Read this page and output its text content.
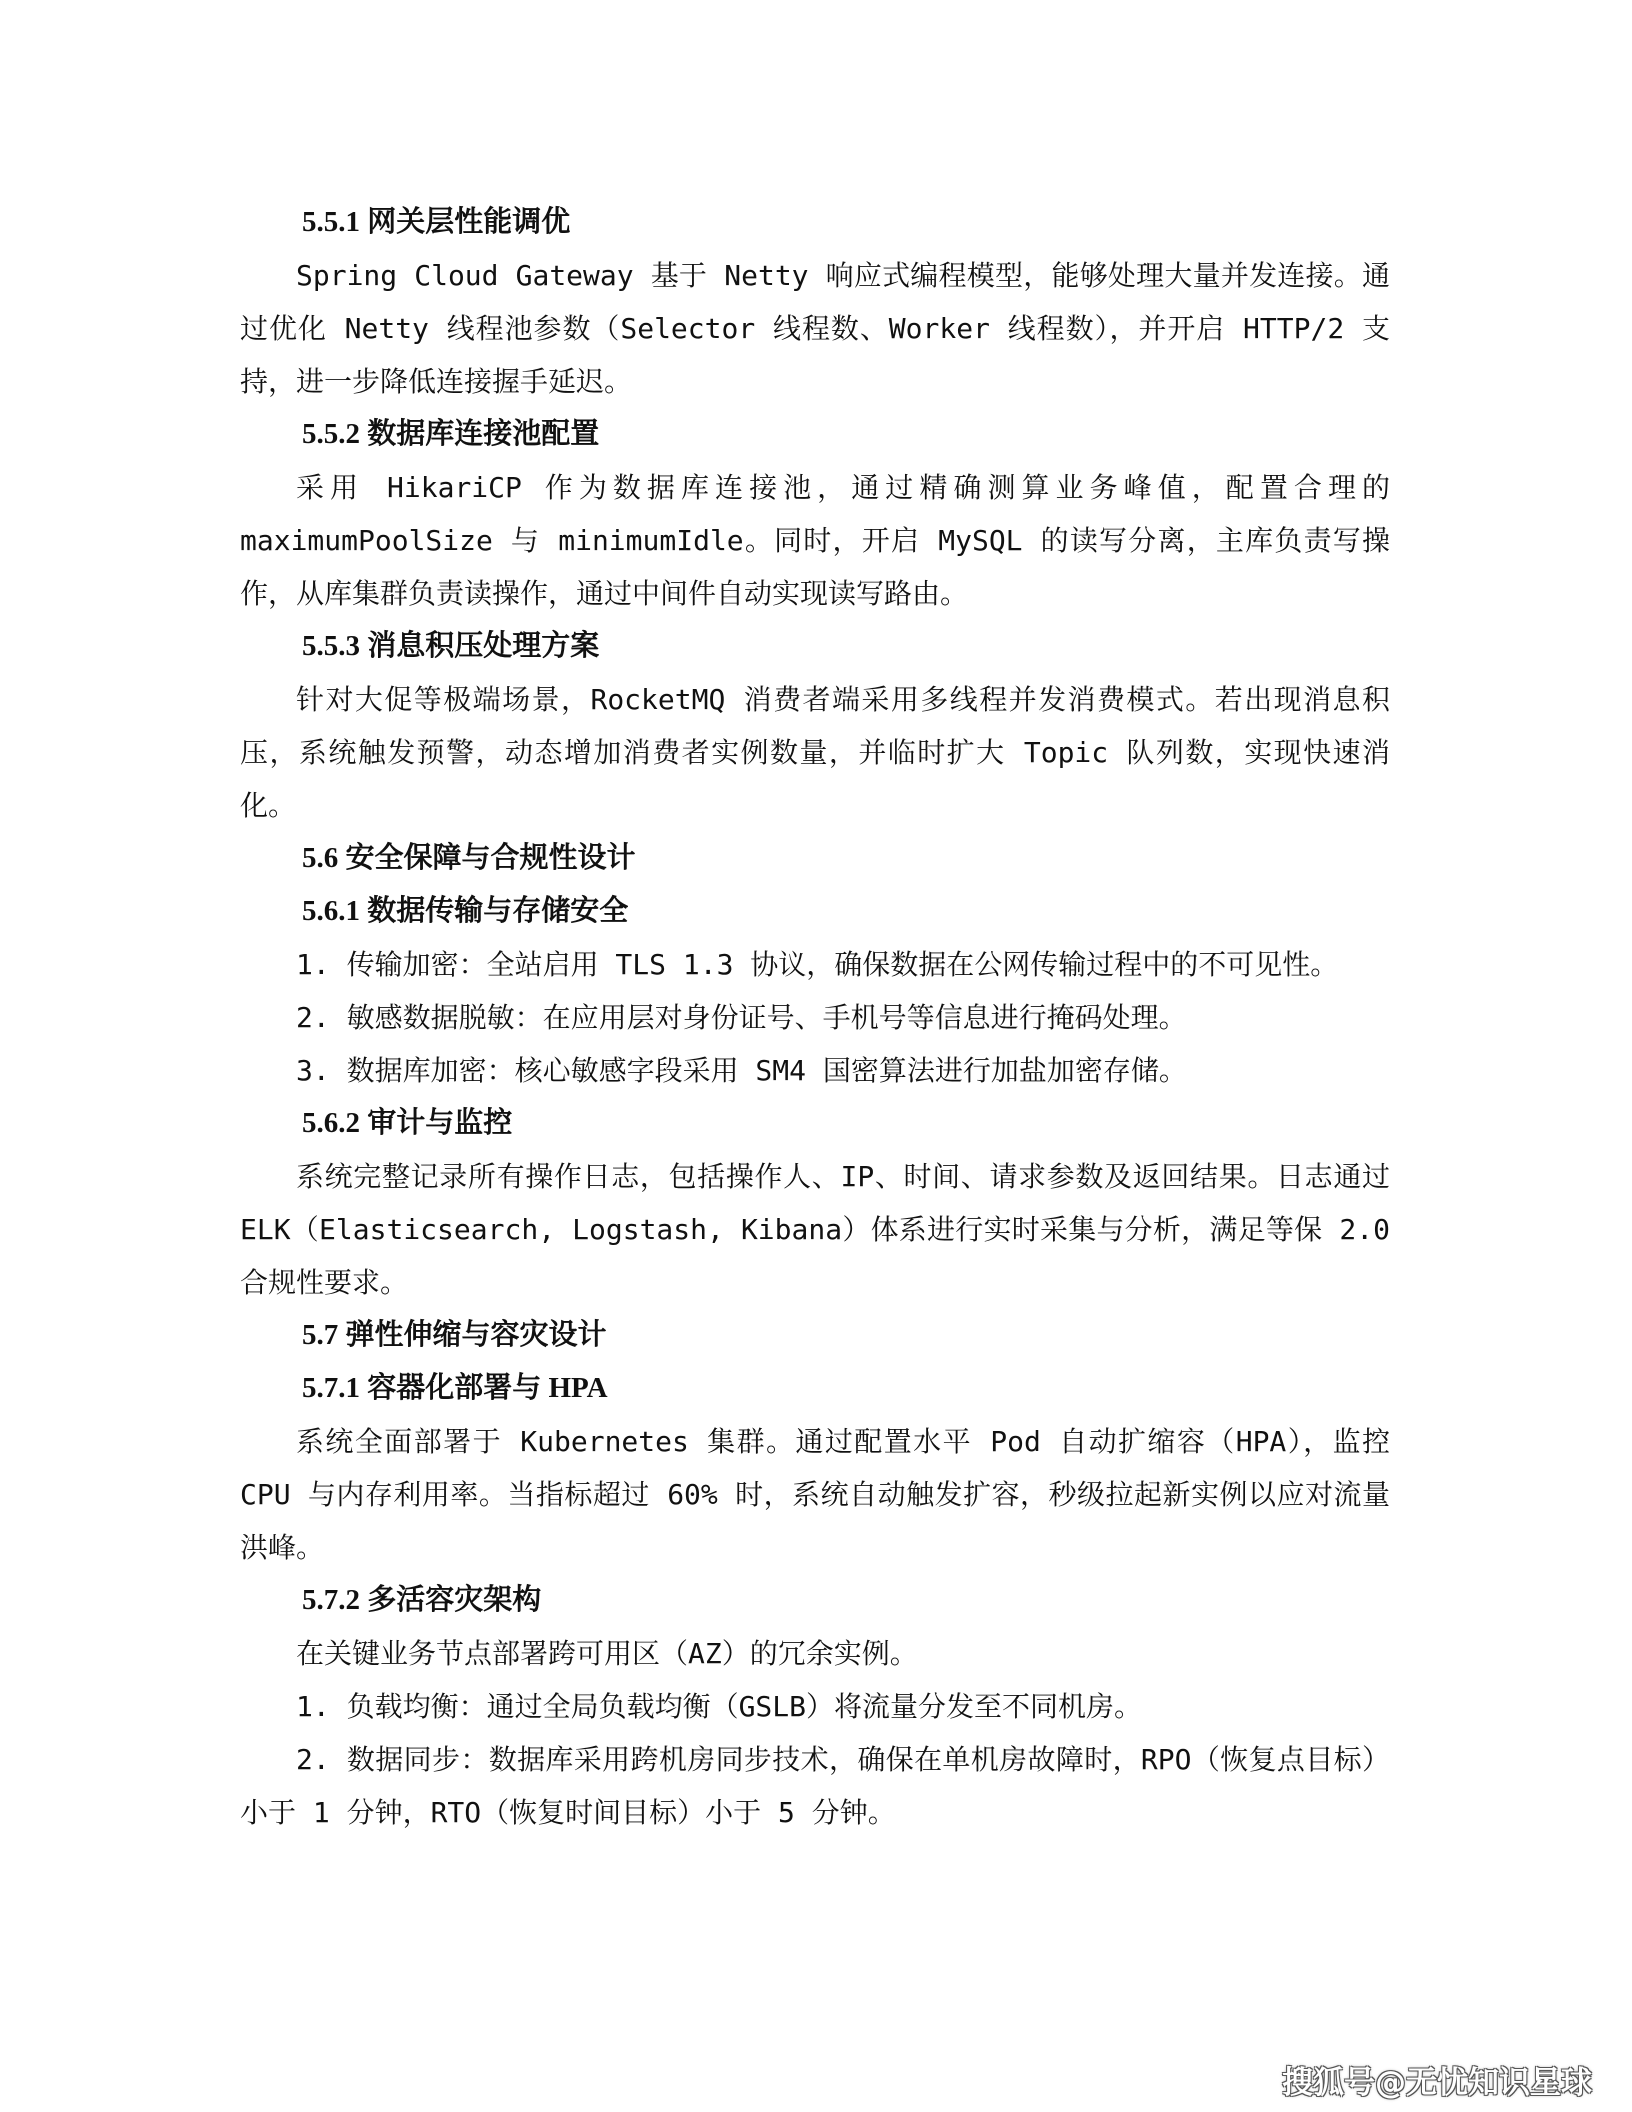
5.5.1 网关层性能调优

Spring Cloud Gateway 基于 Netty 响应式编程模型，能够处理大量并发连接。通过优化 Netty 线程池参数（Selector 线程数、Worker 线程数），并开启 HTTP/2 支持，进一步降低连接握手延迟。

5.5.2 数据库连接池配置

采用 HikariCP 作为数据库连接池，通过精确测算业务峰值，配置合理的 maximumPoolSize 与 minimumIdle。同时，开启 MySQL 的读写分离，主库负责写操作，从库集群负责读操作，通过中间件自动实现读写路由。

5.5.3 消息积压处理方案

针对大促等极端场景，RocketMQ 消费者端采用多线程并发消费模式。若出现消息积压，系统触发预警，动态增加消费者实例数量，并临时扩大 Topic 队列数，实现快速消化。

5.6 安全保障与合规性设计
5.6.1 数据传输与存储安全

1. 传输加密：全站启用 TLS 1.3 协议，确保数据在公网传输过程中的不可见性。

2. 敏感数据脱敏：在应用层对身份证号、手机号等信息进行掩码处理。

3. 数据库加密：核心敏感字段采用 SM4 国密算法进行加盐加密存储。

5.6.2 审计与监控

系统完整记录所有操作日志，包括操作人、IP、时间、请求参数及返回结果。日志通过 ELK（Elasticsearch, Logstash, Kibana）体系进行实时采集与分析，满足等保 2.0 合规性要求。

5.7 弹性伸缩与容灾设计
5.7.1 容器化部署与 HPA

系统全面部署于 Kubernetes 集群。通过配置水平 Pod 自动扩缩容（HPA），监控 CPU 与内存利用率。当指标超过 60% 时，系统自动触发扩容，秒级拉起新实例以应对流量洪峰。

5.7.2 多活容灾架构

在关键业务节点部署跨可用区（AZ）的冗余实例。

1. 负载均衡：通过全局负载均衡（GSLB）将流量分发至不同机房。

2. 数据同步：数据库采用跨机房同步技术，确保在单机房故障时，RPO（恢复点目标）小于 1 分钟，RTO（恢复时间目标）小于 5 分钟。

搜狐号@无忧知识星球
